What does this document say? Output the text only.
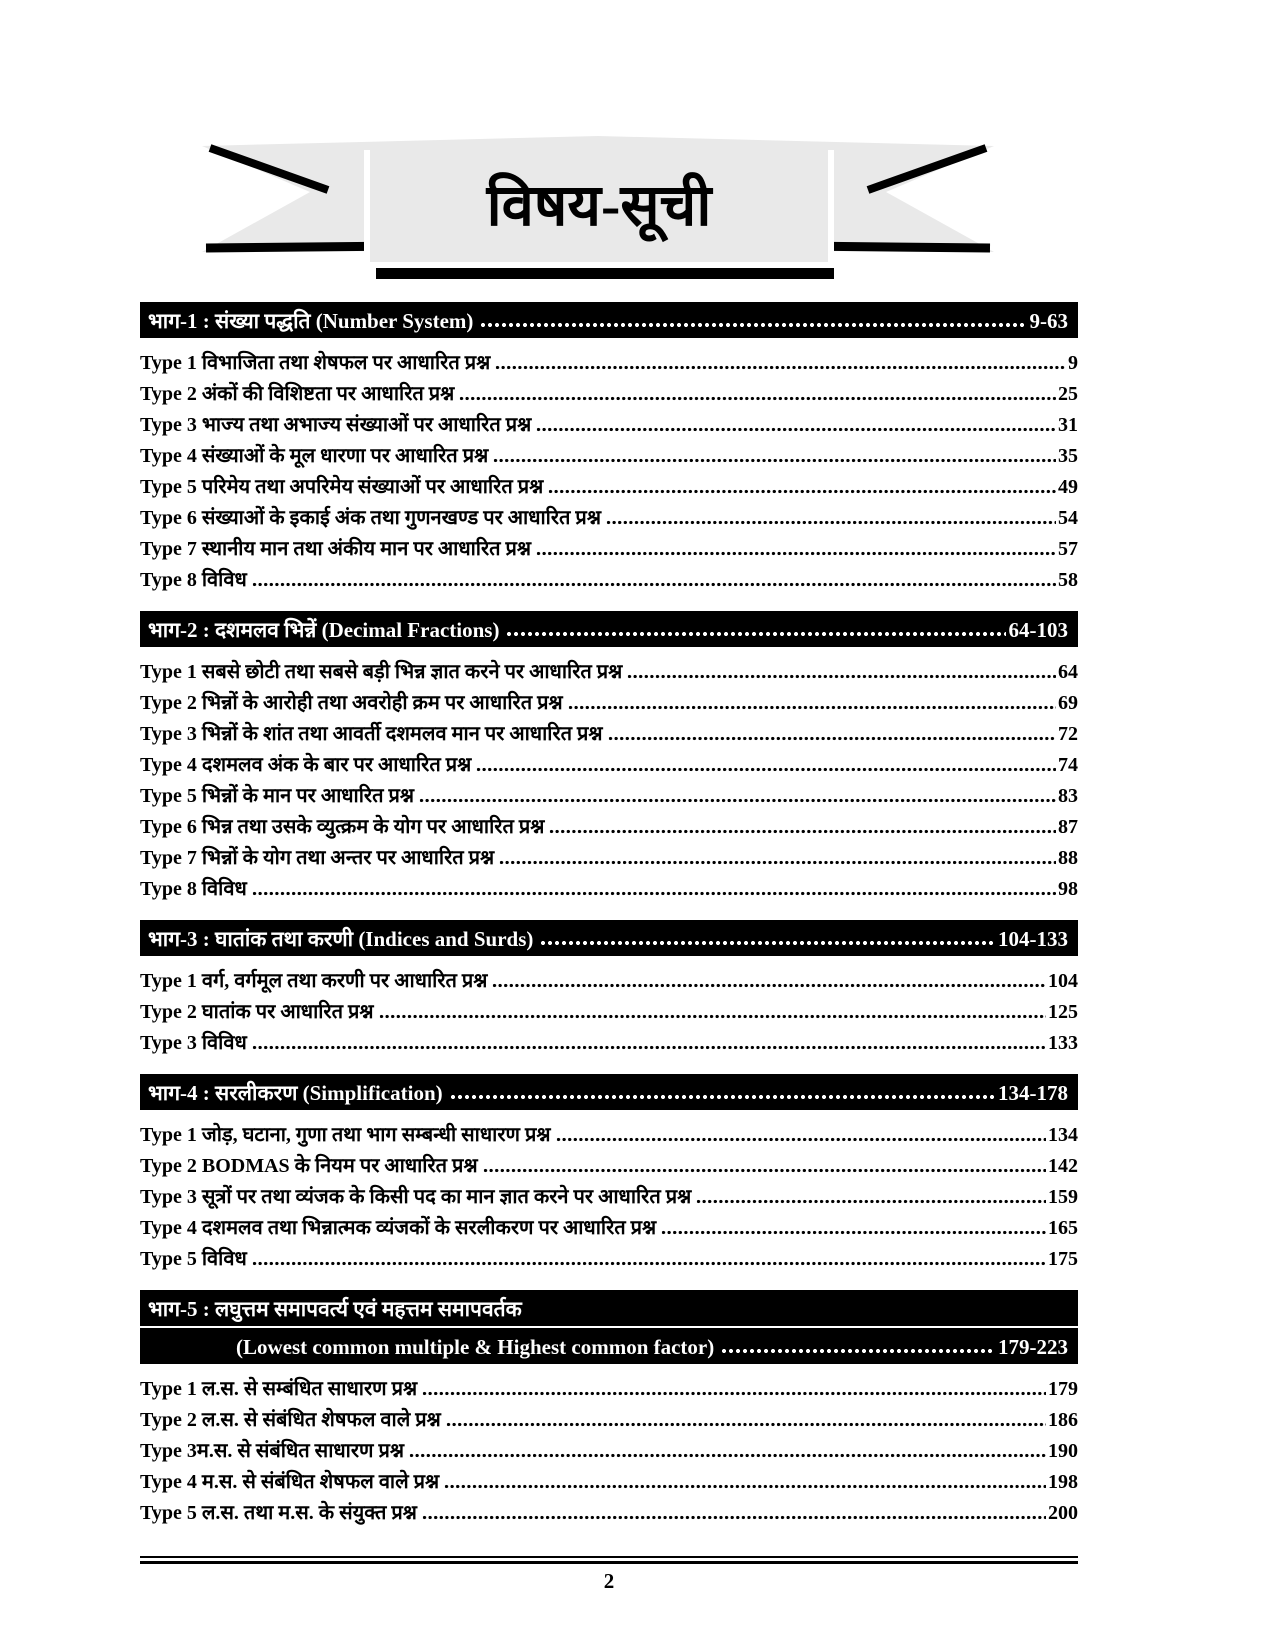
विषय-सूची
भाग-1 : संख्या पद्धति (Number System)	9-63
Type 1 विभाजिता तथा शेषफल पर आधारित प्रश्न	9
Type 2 अंकों की विशिष्टता पर आधारित प्रश्न	25
Type 3 भाज्य तथा अभाज्य संख्याओं पर आधारित प्रश्न	31
Type 4 संख्याओं के मूल धारणा पर आधारित प्रश्न	35
Type 5 परिमेय तथा अपरिमेय संख्याओं पर आधारित प्रश्न	49
Type 6 संख्याओं के इकाई अंक तथा गुणनखण्ड पर आधारित प्रश्न	54
Type 7 स्थानीय मान तथा अंकीय मान पर आधारित प्रश्न	57
Type 8 विविध	58
भाग-2 : दशमलव भिन्नें (Decimal Fractions)	64-103
Type 1 सबसे छोटी तथा सबसे बड़ी भिन्न ज्ञात करने पर आधारित प्रश्न	64
Type 2 भिन्नों के आरोही तथा अवरोही क्रम पर आधारित प्रश्न	69
Type 3 भिन्नों के शांत तथा आवर्ती दशमलव मान पर आधारित प्रश्न	72
Type 4 दशमलव अंक के बार पर आधारित प्रश्न	74
Type 5 भिन्नों के मान पर आधारित प्रश्न	83
Type 6 भिन्न तथा उसके व्युत्क्रम के योग पर आधारित प्रश्न	87
Type 7 भिन्नों के योग तथा अन्तर पर आधारित प्रश्न	88
Type 8 विविध	98
भाग-3 : घातांक तथा करणी (Indices and Surds)	104-133
Type 1 वर्ग, वर्गमूल तथा करणी पर आधारित प्रश्न	104
Type 2 घातांक पर आधारित प्रश्न	125
Type 3 विविध	133
भाग-4 : सरलीकरण (Simplification)	134-178
Type 1 जोड़, घटाना, गुणा तथा भाग सम्बन्धी साधारण प्रश्न	134
Type 2 BODMAS के नियम पर आधारित प्रश्न	142
Type 3 सूत्रों पर तथा व्यंजक के किसी पद का मान ज्ञात करने पर आधारित प्रश्न	159
Type 4 दशमलव तथा भिन्नात्मक व्यंजकों के सरलीकरण पर आधारित प्रश्न	165
Type 5 विविध	175
भाग-5 : लघुत्तम समापवर्त्य एवं महत्तम समापवर्तक
(Lowest common multiple & Highest common factor)	179-223
Type 1 ल.स. से सम्बंधित साधारण प्रश्न	179
Type 2 ल.स. से संबंधित शेषफल वाले प्रश्न	186
Type 3म.स. से संबंधित साधारण प्रश्न	190
Type 4 म.स. से संबंधित शेषफल वाले प्रश्न	198
Type 5 ल.स. तथा म.स. के संयुक्त प्रश्न	200
2
